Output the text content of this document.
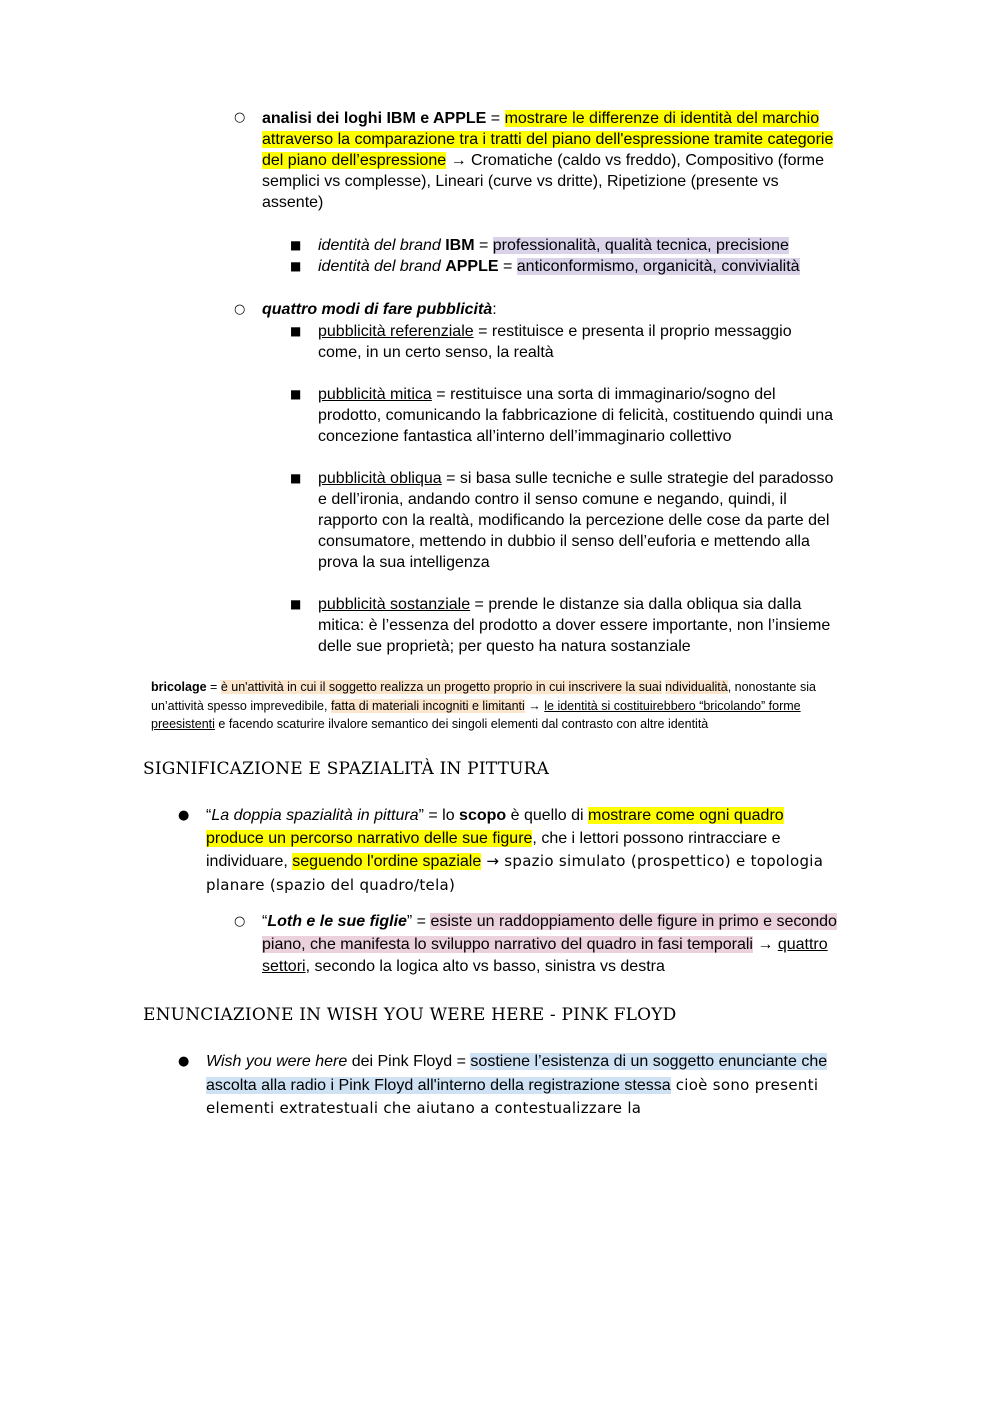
○ analisi dei loghi IBM e APPLE = mostrare le differenze di identità del marchio attraverso la comparazione tra i tratti del piano dell'espressione tramite categorie del piano dell’espressione → Cromatiche (caldo vs freddo), Compositivo (forme semplici vs complesse), Lineari (curve vs dritte), Ripetizione (presente vs assente)
■ identità del brand IBM = professionalità, qualità tecnica, precisione
■ identità del brand APPLE = anticonformismo, organicità, convivialità
○ quattro modi di fare pubblicità:
■ pubblicità referenziale = restituisce e presenta il proprio messaggio come, in un certo senso, la realtà
■ pubblicità mitica = restituisce una sorta di immaginario/sogno del prodotto, comunicando la fabbricazione di felicità, costituendo quindi una concezione fantastica all’interno dell’immaginario collettivo
■ pubblicità obliqua = si basa sulle tecniche e sulle strategie del paradosso e dell’ironia, andando contro il senso comune e negando, quindi, il rapporto con la realtà, modificando la percezione delle cose da parte del consumatore, mettendo in dubbio il senso dell’euforia e mettendo alla prova la sua intelligenza
■ pubblicità sostanziale = prende le distanze sia dalla obliqua sia dalla mitica: è l’essenza del prodotto a dover essere importante, non l’insieme delle sue proprietà; per questo ha natura sostanziale
bricolage = è un'attività in cui il soggetto realizza un progetto proprio in cui inscrivere la suai ndividualità, nonostante sia un’attività spesso imprevedibile, fatta di materiali incogniti e limitanti → le identità si costituirebbero “bricolando” forme preesistenti e facendo scaturire ilvalore semantico dei singoli elementi dal contrasto con altre identità
SIGNIFICAZIONE E SPAZIALITÀ IN PITTURA
● “La doppia spazialità in pittura” = lo scopo è quello di mostrare come ogni quadro produce un percorso narrativo delle sue figure, che i lettori possono rintracciare e individuare, seguendo l'ordine spaziale → spazio simulato (prospettico) e topologia planare (spazio del quadro/tela)
○ “Loth e le sue figlie” = esiste un raddoppiamento delle figure in primo e secondo piano, che manifesta lo sviluppo narrativo del quadro in fasi temporali → quattro settori, secondo la logica alto vs basso, sinistra vs destra
ENUNCIAZIONE IN WISH YOU WERE HERE - PINK FLOYD
● Wish you were here dei Pink Floyd = sostiene l’esistenza di un soggetto enunciante che ascolta alla radio i Pink Floyd all'interno della registrazione stessa cioè sono presenti elementi extratestuali che aiutano a contestualizzare la
